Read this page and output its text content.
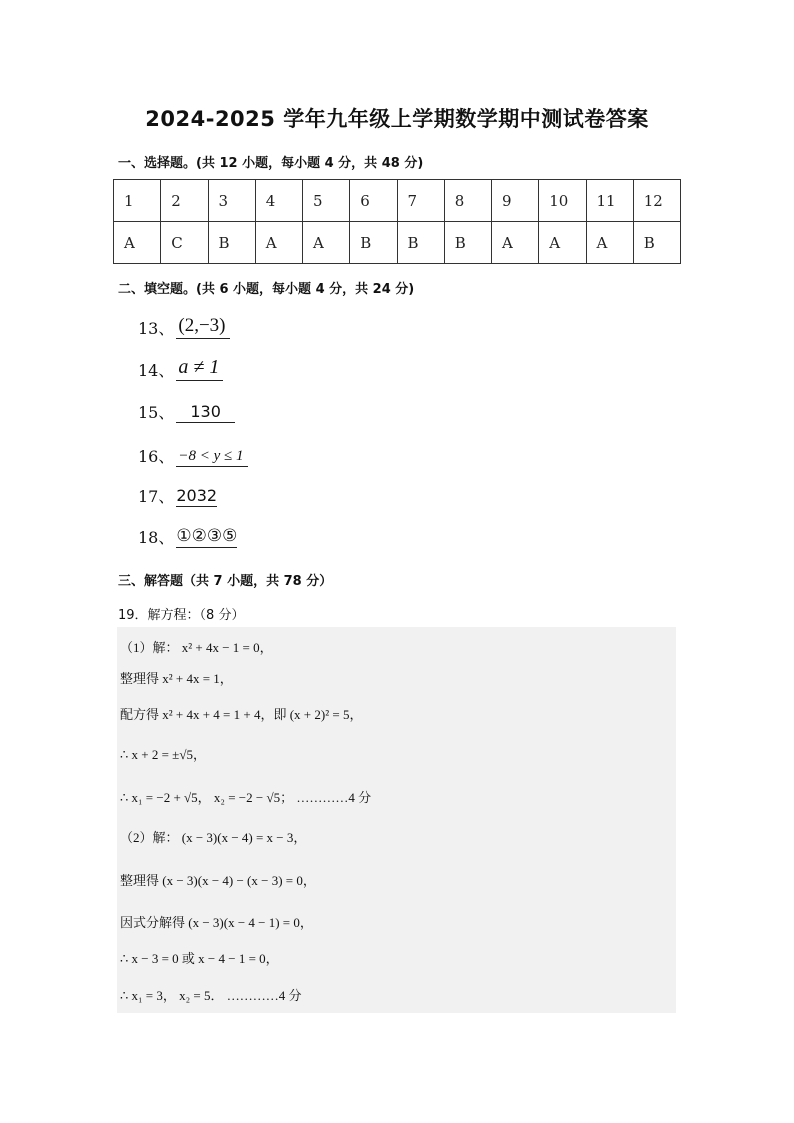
2024-2025 学年九年级上学期数学期中测试卷答案
一、选择题。(共 12 小题，每小题 4 分，共 48 分)
1	2	3	4	5	6	7	8	9	10	11	12
A	C	B	A	A	B	B	B	A	A	A	B
二、填空题。(共 6 小题，每小题 4 分，共 24 分)
13、 (2,−3)
14、 a ≠ 1
15、	130
16、 −8 < y ≤ 1
17、 2032
18、 ①②③⑤
三、解答题（共 7 小题，共 78 分）
19．解方程：（8 分）
（1）解： x² + 4x − 1 = 0，
整理得 x² + 4x = 1，
配方得 x² + 4x + 4 = 1 + 4，即 (x + 2)² = 5，
∴ x + 2 = ±√5，
∴ x₁ = −2 + √5， x₂ = −2 − √5； …………4 分
（2）解： (x − 3)(x − 4) = x − 3，
整理得 (x − 3)(x − 4) − (x − 3) = 0，
因式分解得 (x − 3)(x − 4 − 1) = 0，
∴ x − 3 = 0 或 x − 4 − 1 = 0，
∴ x₁ = 3， x₂ = 5． …………4 分
